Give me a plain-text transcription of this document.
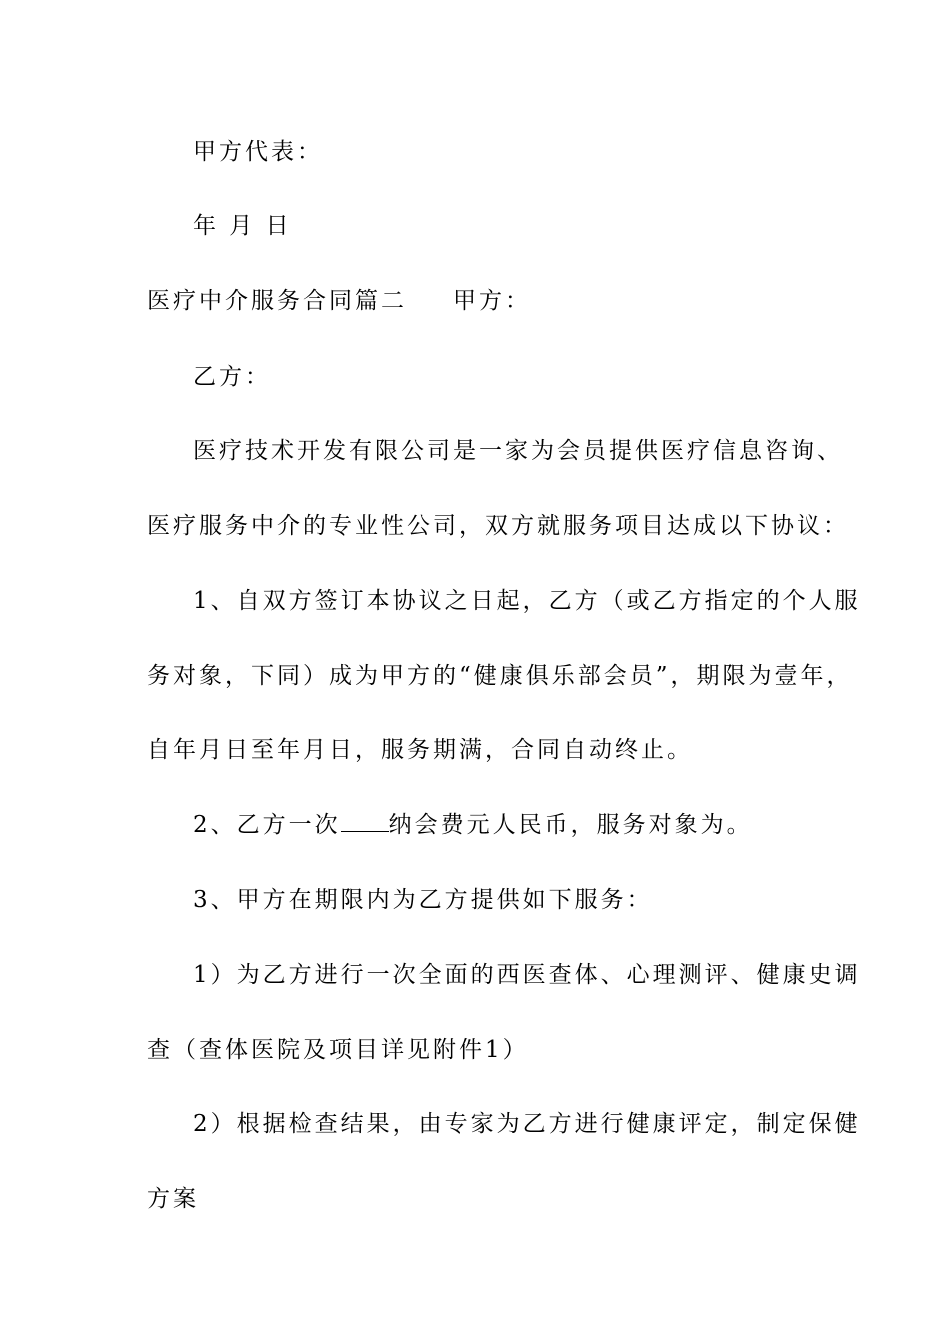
甲方代表：
年 月 日
医疗中介服务合同篇二 甲方：
乙方：
医疗技术开发有限公司是一家为会员提供医疗信息咨询、
医疗服务中介的专业性公司，双方就服务项目达成以下协议：
1、自双方签订本协议之日起，乙方（或乙方指定的个人服
务对象，下同）成为甲方的“健康俱乐部会员”，期限为壹年，
自年月日至年月日，服务期满，合同自动终止。
2、乙方一次 纳会费元人民币，服务对象为。
3、甲方在期限内为乙方提供如下服务：
1）为乙方进行一次全面的西医查体、心理测评、健康史调
查（查体医院及项目详见附件1）
2）根据检查结果，由专家为乙方进行健康评定，制定保健
方案
